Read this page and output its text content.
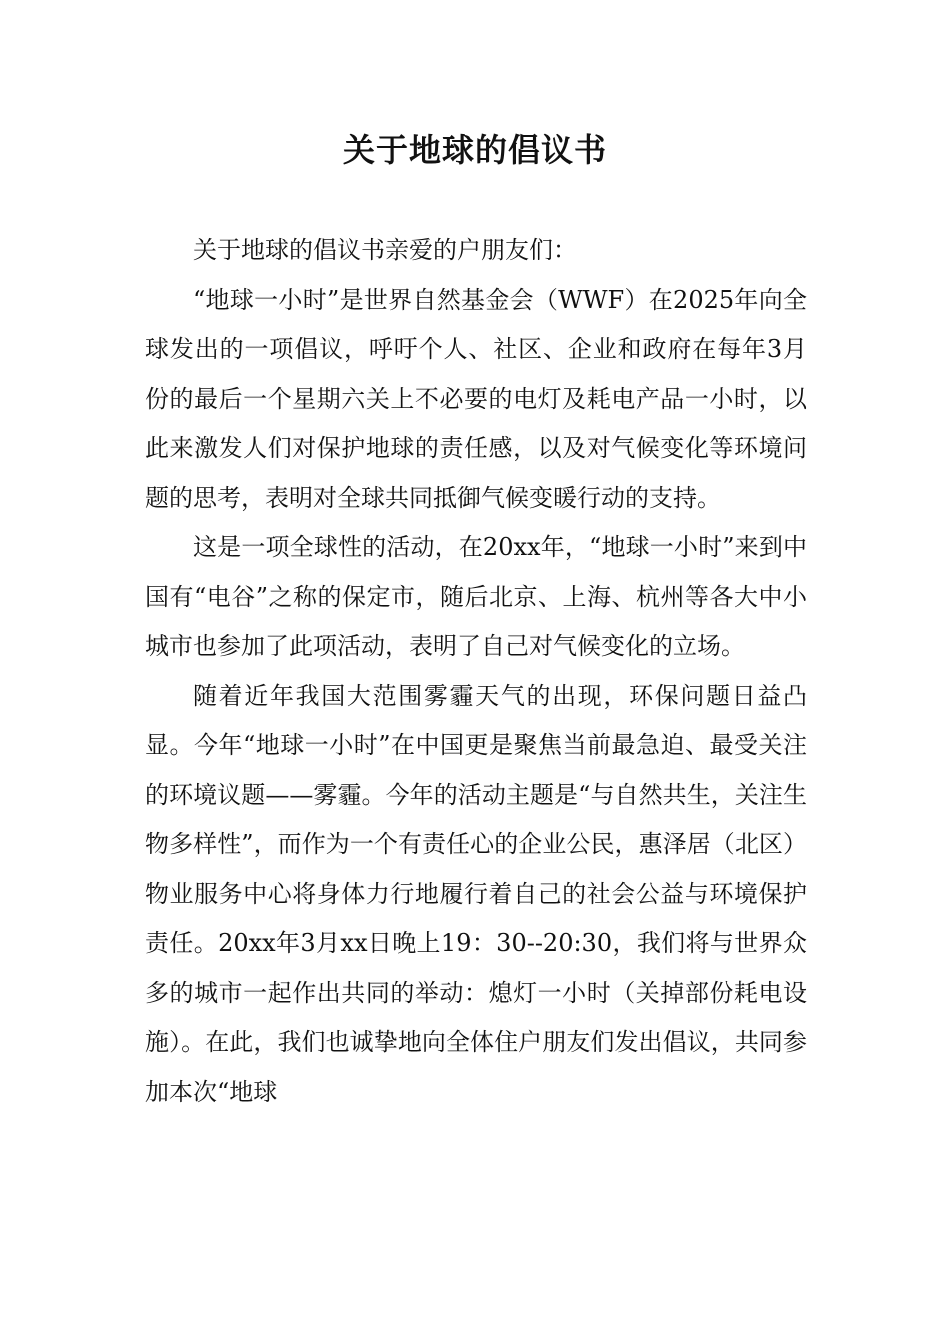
关于地球的倡议书

关于地球的倡议书亲爱的户朋友们：

“地球一小时”是世界自然基金会（WWF）在2025年向全球发出的一项倡议，呼吁个人、社区、企业和政府在每年3月份的最后一个星期六关上不必要的电灯及耗电产品一小时，以此来激发人们对保护地球的责任感，以及对气候变化等环境问题的思考，表明对全球共同抵御气候变暖行动的支持。

这是一项全球性的活动，在20xx年，“地球一小时”来到中国有“电谷”之称的保定市，随后北京、上海、杭州等各大中小城市也参加了此项活动，表明了自己对气候变化的立场。

随着近年我国大范围雾霾天气的出现，环保问题日益凸显。今年“地球一小时”在中国更是聚焦当前最急迫、最受关注的环境议题——雾霾。今年的活动主题是“与自然共生，关注生物多样性”，而作为一个有责任心的企业公民，惠泽居（北区）物业服务中心将身体力行地履行着自己的社会公益与环境保护责任。20xx年3月xx日晚上19：30--20:30，我们将与世界众多的城市一起作出共同的举动：熄灯一小时（关掉部份耗电设施）。在此，我们也诚挚地向全体住户朋友们发出倡议，共同参加本次“地球
